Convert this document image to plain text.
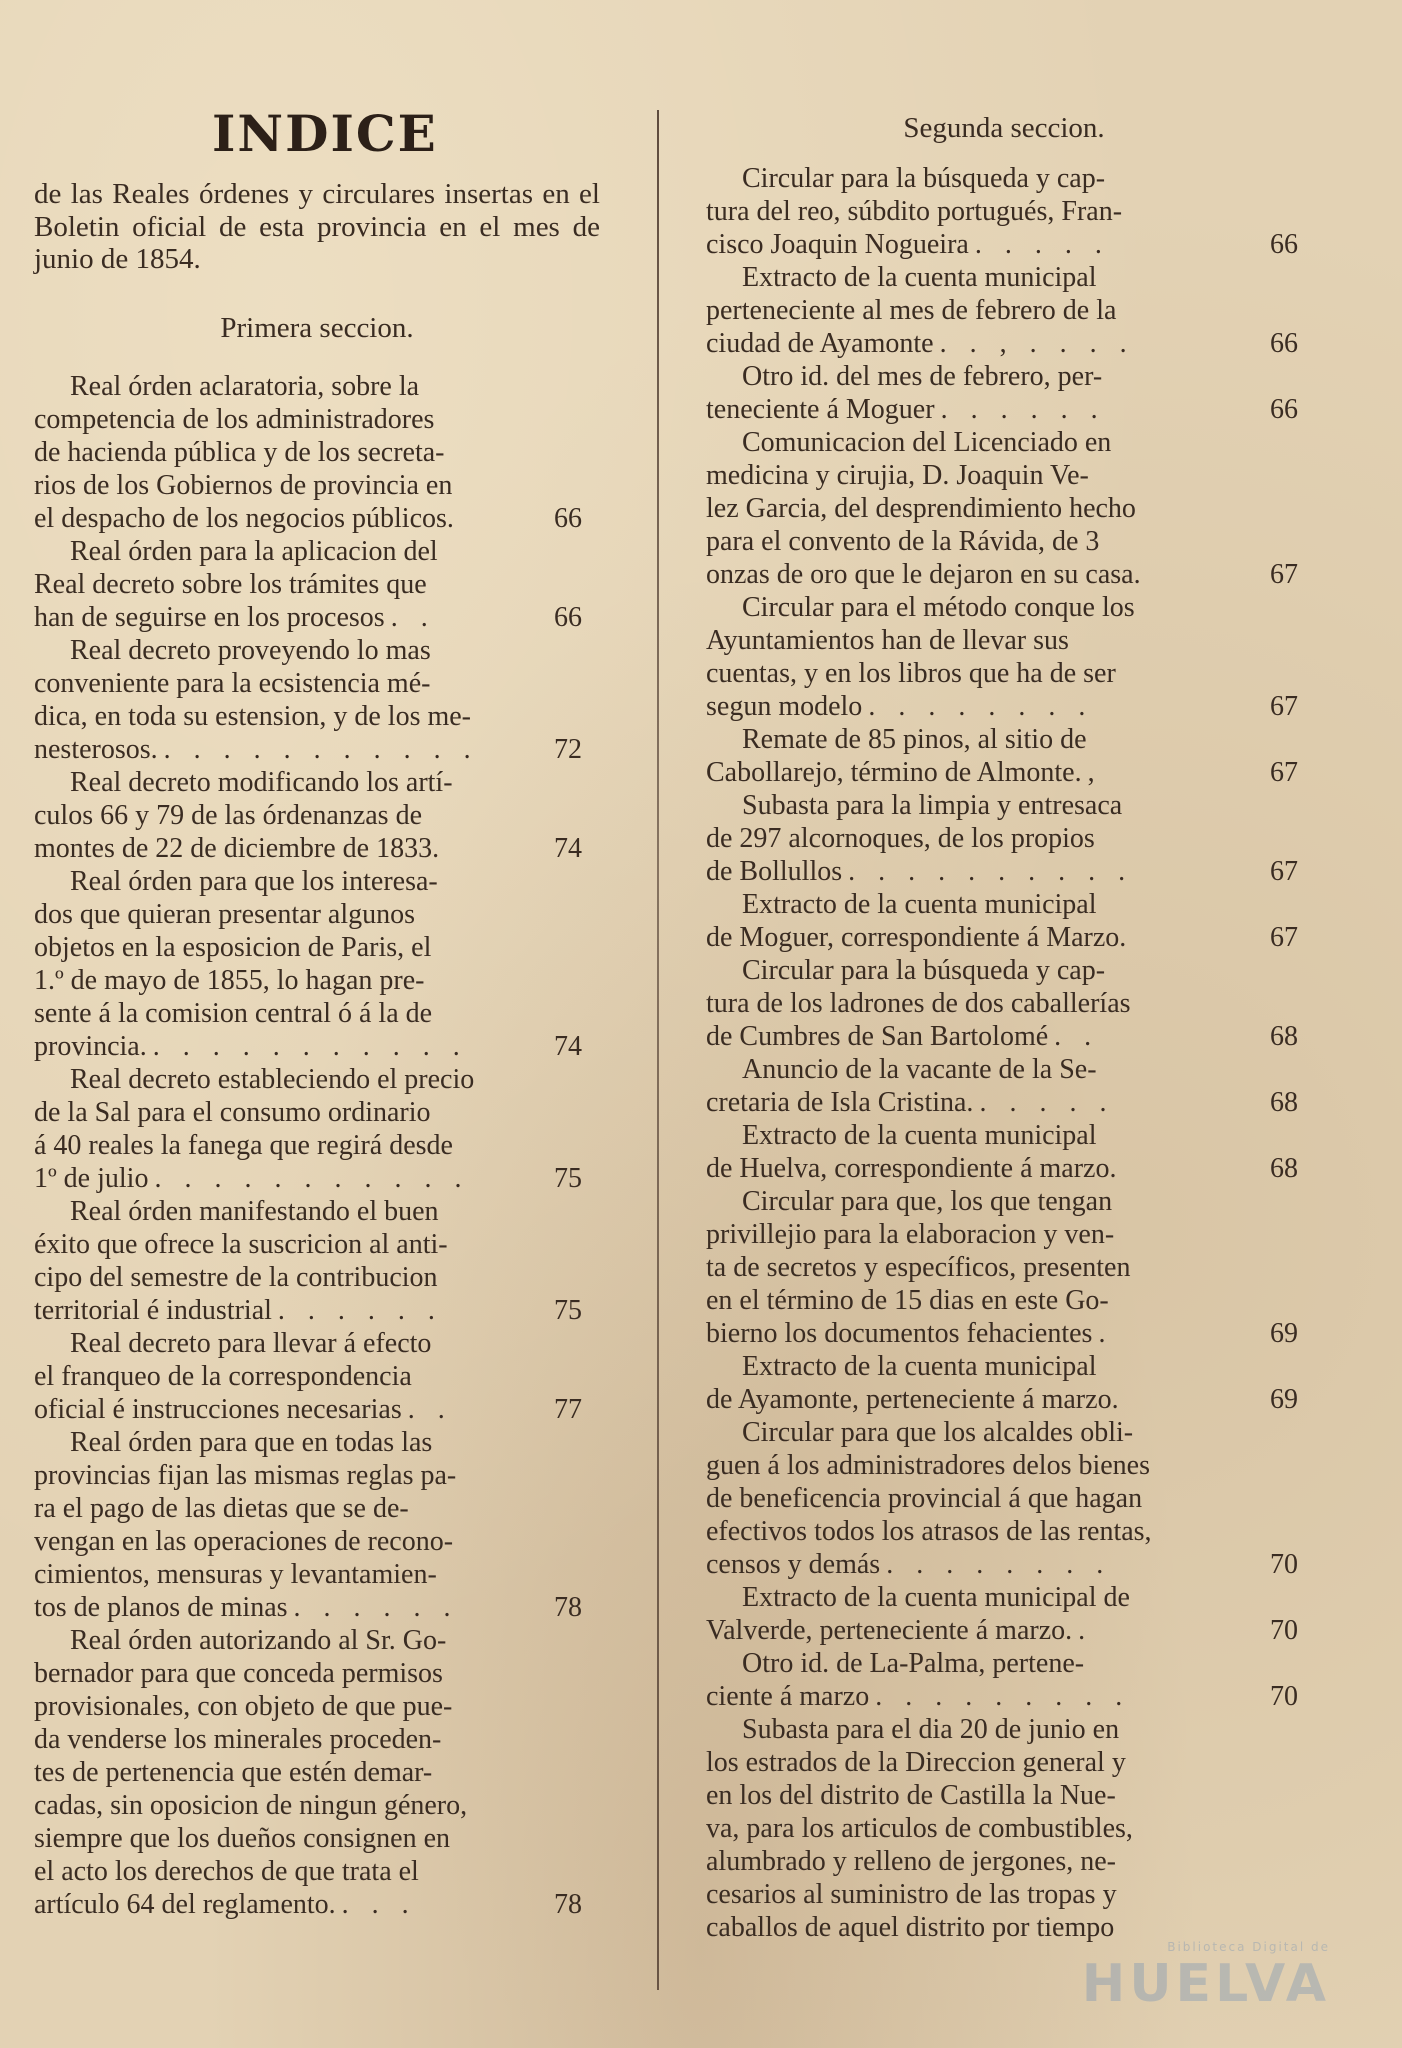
INDICE

de las Reales órdenes y circulares insertas en el Boletin oficial de esta provincia en el mes de junio de 1854.

Primera seccion.

Real órden aclaratoria, sobre la
competencia de los administradores
de hacienda pública y de los secreta-
rios de los Gobiernos de provincia en
el despacho de los negocios públicos.	66
Real órden para la aplicacion del
Real decreto sobre los trámites que
han de seguirse en los procesos . .	66
Real decreto proveyendo lo mas
conveniente para la ecsistencia mé-
dica, en toda su estension, y de los me-
nesterosos. . . . . . . . . . . .	72
Real decreto modificando los artí-
culos 66 y 79 de las órdenanzas de
montes de 22 de diciembre de 1833.	74
Real órden para que los interesa-
dos que quieran presentar algunos
objetos en la esposicion de Paris, el
1.º de mayo de 1855, lo hagan pre-
sente á la comision central ó á la de
provincia. . . . . . . . . . . .	74
Real decreto estableciendo el precio
de la Sal para el consumo ordinario
á 40 reales la fanega que regirá desde
1º de julio . . . . . . . . . . .	75
Real órden manifestando el buen
éxito que ofrece la suscricion al anti-
cipo del semestre de la contribucion
territorial é industrial . . . . . .	75
Real decreto para llevar á efecto
el franqueo de la correspondencia
oficial é instrucciones necesarias . .	77
Real órden para que en todas las
provincias fijan las mismas reglas pa-
ra el pago de las dietas que se de-
vengan en las operaciones de recono-
cimientos, mensuras y levantamien-
tos de planos de minas . . . . . .	78
Real órden autorizando al Sr. Go-
bernador para que conceda permisos
provisionales, con objeto de que pue-
da venderse los minerales proceden-
tes de pertenencia que estén demar-
cadas, sin oposicion de ningun género,
siempre que los dueños consignen en
el acto los derechos de que trata el
artículo 64 del reglamento. . . .	78

Segunda seccion.

Circular para la búsqueda y cap-
tura del reo, súbdito portugués, Fran-
cisco Joaquin Nogueira . . . . .	66
Extracto de la cuenta municipal
perteneciente al mes de febrero de la
ciudad de Ayamonte . . , . . . .	66
Otro id. del mes de febrero, per-
teneciente á Moguer . . . . . .	66
Comunicacion del Licenciado en
medicina y cirujia, D. Joaquin Ve-
lez Garcia, del desprendimiento hecho
para el convento de la Rávida, de 3
onzas de oro que le dejaron en su casa.	67
Circular para el método conque los
Ayuntamientos han de llevar sus
cuentas, y en los libros que ha de ser
segun modelo . . . . . . . .	67
Remate de 85 pinos, al sitio de
Cabollarejo, término de Almonte. ,	67
Subasta para la limpia y entresaca
de 297 alcornoques, de los propios
de Bollullos . . . . . . . . . .	67
Extracto de la cuenta municipal
de Moguer, correspondiente á Marzo.	67
Circular para la búsqueda y cap-
tura de los ladrones de dos caballerías
de Cumbres de San Bartolomé . .	68
Anuncio de la vacante de la Se-
cretaria de Isla Cristina. . . . . .	68
Extracto de la cuenta municipal
de Huelva, correspondiente á marzo.	68
Circular para que, los que tengan
privillejio para la elaboracion y ven-
ta de secretos y específicos, presenten
en el término de 15 dias en este Go-
bierno los documentos fehacientes .	69
Extracto de la cuenta municipal
de Ayamonte, perteneciente á marzo.	69
Circular para que los alcaldes obli-
guen á los administradores delos bienes
de beneficencia provincial á que hagan
efectivos todos los atrasos de las rentas,
censos y demás . . . . . . . .	70
Extracto de la cuenta municipal de
Valverde, perteneciente á marzo. .	70
Otro id. de La-Palma, pertene-
ciente á marzo . . . . . . . . .	70
Subasta para el dia 20 de junio en
los estrados de la Direccion general y
en los del distrito de Castilla la Nue-
va, para los articulos de combustibles,
alumbrado y relleno de jergones, ne-
cesarios al suministro de las tropas y
caballos de aquel distrito por tiempo
Biblioteca Digital de
HUELVA
